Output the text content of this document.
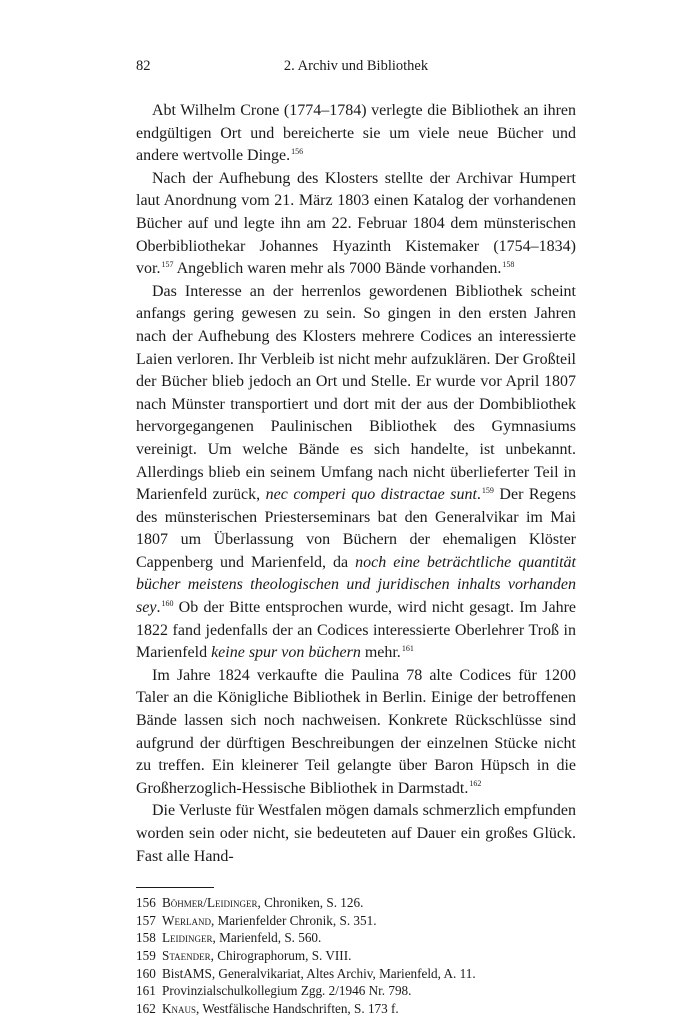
82	2. Archiv und Bibliothek

Abt Wilhelm Crone (1774–1784) verlegte die Bibliothek an ihren endgültigen Ort und bereicherte sie um viele neue Bücher und andere wertvolle Dinge.$^{156}$

Nach der Aufhebung des Klosters stellte der Archivar Humpert laut Anordnung vom 21. März 1803 einen Katalog der vorhandenen Bücher auf und legte ihn am 22. Februar 1804 dem münsterischen Oberbibliothekar Johannes Hyazinth Kistemaker (1754–1834) vor.$^{157}$ Angeblich waren mehr als 7000 Bände vorhanden.$^{158}$

Das Interesse an der herrenlos gewordenen Bibliothek scheint anfangs gering gewesen zu sein. So gingen in den ersten Jahren nach der Aufhebung des Klosters mehrere Codices an interessierte Laien verloren. Ihr Verbleib ist nicht mehr aufzuklären. Der Großteil der Bücher blieb jedoch an Ort und Stelle. Er wurde vor April 1807 nach Münster transportiert und dort mit der aus der Dombibliothek hervorgegangenen Paulinischen Bibliothek des Gymnasiums vereinigt. Um welche Bände es sich handelte, ist unbekannt. Allerdings blieb ein seinem Umfang nach nicht überlieferter Teil in Marienfeld zurück, nec comperi quo distractae sunt.$^{159}$ Der Regens des münsterischen Priesterseminars bat den Generalvikar im Mai 1807 um Überlassung von Büchern der ehemaligen Klöster Cappenberg und Marienfeld, da noch eine beträchtliche quantität bücher meistens theologischen und juridischen inhalts vorhanden sey.$^{160}$ Ob der Bitte entsprochen wurde, wird nicht gesagt. Im Jahre 1822 fand jedenfalls der an Codices interessierte Oberlehrer Troß in Marienfeld keine spur von büchern mehr.$^{161}$

Im Jahre 1824 verkaufte die Paulina 78 alte Codices für 1200 Taler an die Königliche Bibliothek in Berlin. Einige der betroffenen Bände lassen sich noch nachweisen. Konkrete Rückschlüsse sind aufgrund der dürftigen Beschreibungen der einzelnen Stücke nicht zu treffen. Ein kleinerer Teil gelangte über Baron Hüpsch in die Großherzoglich-Hessische Bibliothek in Darmstadt.$^{162}$

Die Verluste für Westfalen mögen damals schmerzlich empfunden worden sein oder nicht, sie bedeuteten auf Dauer ein großes Glück. Fast alle Hand-

156 Böhmer/Leidinger, Chroniken, S. 126.
157 Werland, Marienfelder Chronik, S. 351.
158 Leidinger, Marienfeld, S. 560.
159 Staender, Chirographorum, S. VIII.
160 BistAMS, Generalvikariat, Altes Archiv, Marienfeld, A. 11.
161 Provinzialschulkollegium Zgg. 2/1946 Nr. 798.
162 Knaus, Westfälische Handschriften, S. 173 f.
